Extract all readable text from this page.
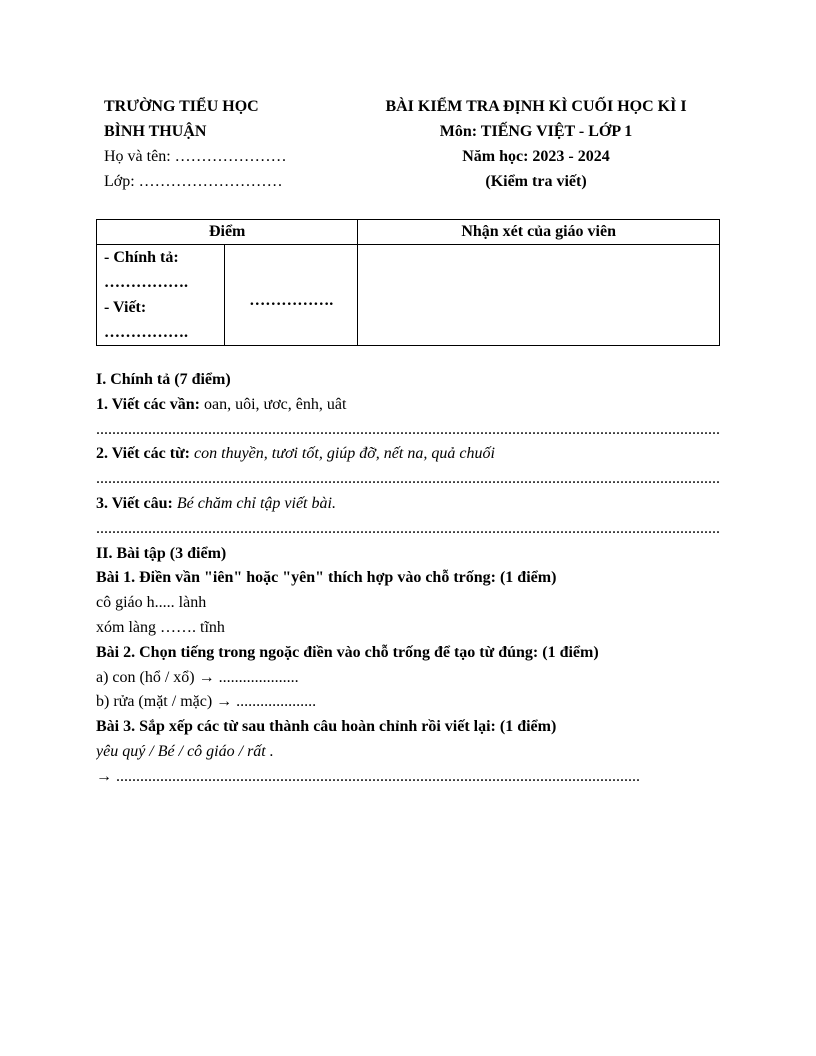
TRƯỜNG TIỂU HỌC
BÌNH THUẬN
Họ và tên: …………………
Lớp: ………………………
BÀI KIỂM TRA ĐỊNH KÌ CUỐI HỌC KÌ I
Môn: TIẾNG VIỆT - LỚP 1
Năm học: 2023 - 2024
(Kiểm tra viết)
Điểm		Nhận xét của giáo viên

- Chính tả:
…………….
- Viết:
…………….	…………….	
I. Chính tả (7 điểm)
1. Viết các vần: oan, uôi, ươc, ênh, uât
............................................................................................................................................................
2. Viết các từ: con thuyền, tươi tốt, giúp đỡ, nết na, quả chuối
............................................................................................................................................................
3. Viết câu: Bé chăm chỉ tập viết bài.
............................................................................................................................................................
II. Bài tập (3 điểm)
Bài 1. Điền vần "iên" hoặc "yên" thích hợp vào chỗ trống: (1 điểm)
cô giáo h..... lành
xóm làng ……. tĩnh
Bài 2. Chọn tiếng trong ngoặc điền vào chỗ trống để tạo từ đúng: (1 điểm)
a) con (hổ / xổ) → ....................
b) rửa (mặt / mặc) → ....................
Bài 3. Sắp xếp các từ sau thành câu hoàn chỉnh rồi viết lại: (1 điểm)
yêu quý / Bé / cô giáo / rất .
→ ...................................................................................................................................
